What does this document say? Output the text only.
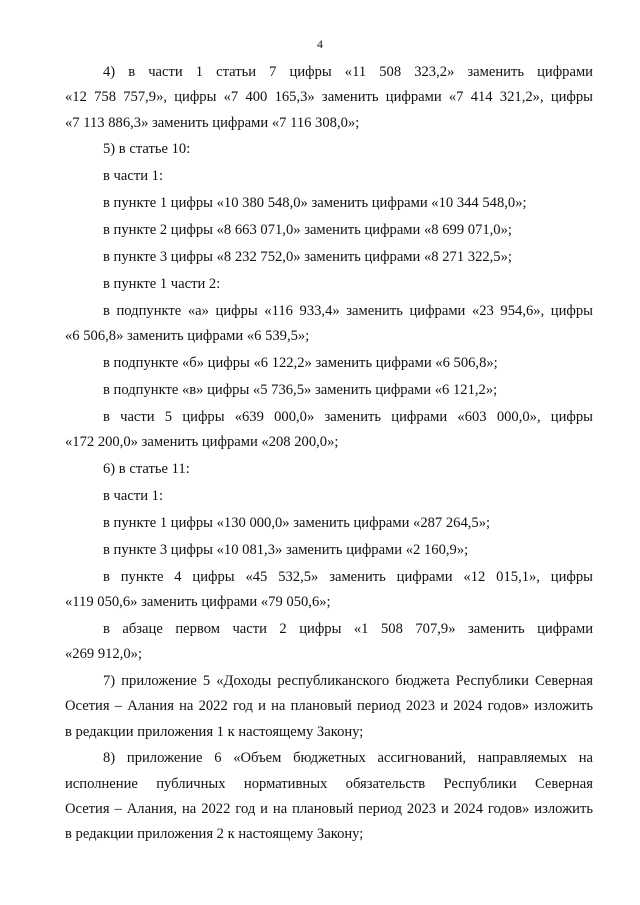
4
4) в части 1 статьи 7 цифры «11 508 323,2» заменить цифрами
«12 758 757,9», цифры «7 400 165,3» заменить цифрами «7 414 321,2», цифры
«7 113 886,3» заменить цифрами «7 116 308,0»;
5) в статье 10:
в части 1:
в пункте 1 цифры «10 380 548,0» заменить цифрами «10 344 548,0»;
в пункте 2 цифры «8 663 071,0» заменить цифрами «8 699 071,0»;
в пункте 3 цифры «8 232 752,0» заменить цифрами «8 271 322,5»;
в пункте 1 части 2:
в подпункте «а» цифры «116 933,4» заменить цифрами «23 954,6», цифры
«6 506,8» заменить цифрами «6 539,5»;
в подпункте «б» цифры «6 122,2» заменить цифрами «6 506,8»;
в подпункте «в» цифры «5 736,5» заменить цифрами «6 121,2»;
в части 5 цифры «639 000,0» заменить цифрами «603 000,0», цифры
«172 200,0» заменить цифрами «208 200,0»;
6) в статье 11:
в части 1:
в пункте 1 цифры «130 000,0» заменить цифрами «287 264,5»;
в пункте 3 цифры «10 081,3» заменить цифрами «2 160,9»;
в пункте 4 цифры «45 532,5» заменить цифрами «12 015,1», цифры
«119 050,6» заменить цифрами «79 050,6»;
в абзаце первом части 2 цифры «1 508 707,9» заменить цифрами
«269 912,0»;
7) приложение 5 «Доходы республиканского бюджета Республики Северная
Осетия – Алания на 2022 год и на плановый период 2023 и 2024 годов» изложить
в редакции приложения 1 к настоящему Закону;
8) приложение 6 «Объем бюджетных ассигнований, направляемых на
исполнение публичных нормативных обязательств Республики Северная
Осетия – Алания, на 2022 год и на плановый период 2023 и 2024 годов» изложить
в редакции приложения 2 к настоящему Закону;
